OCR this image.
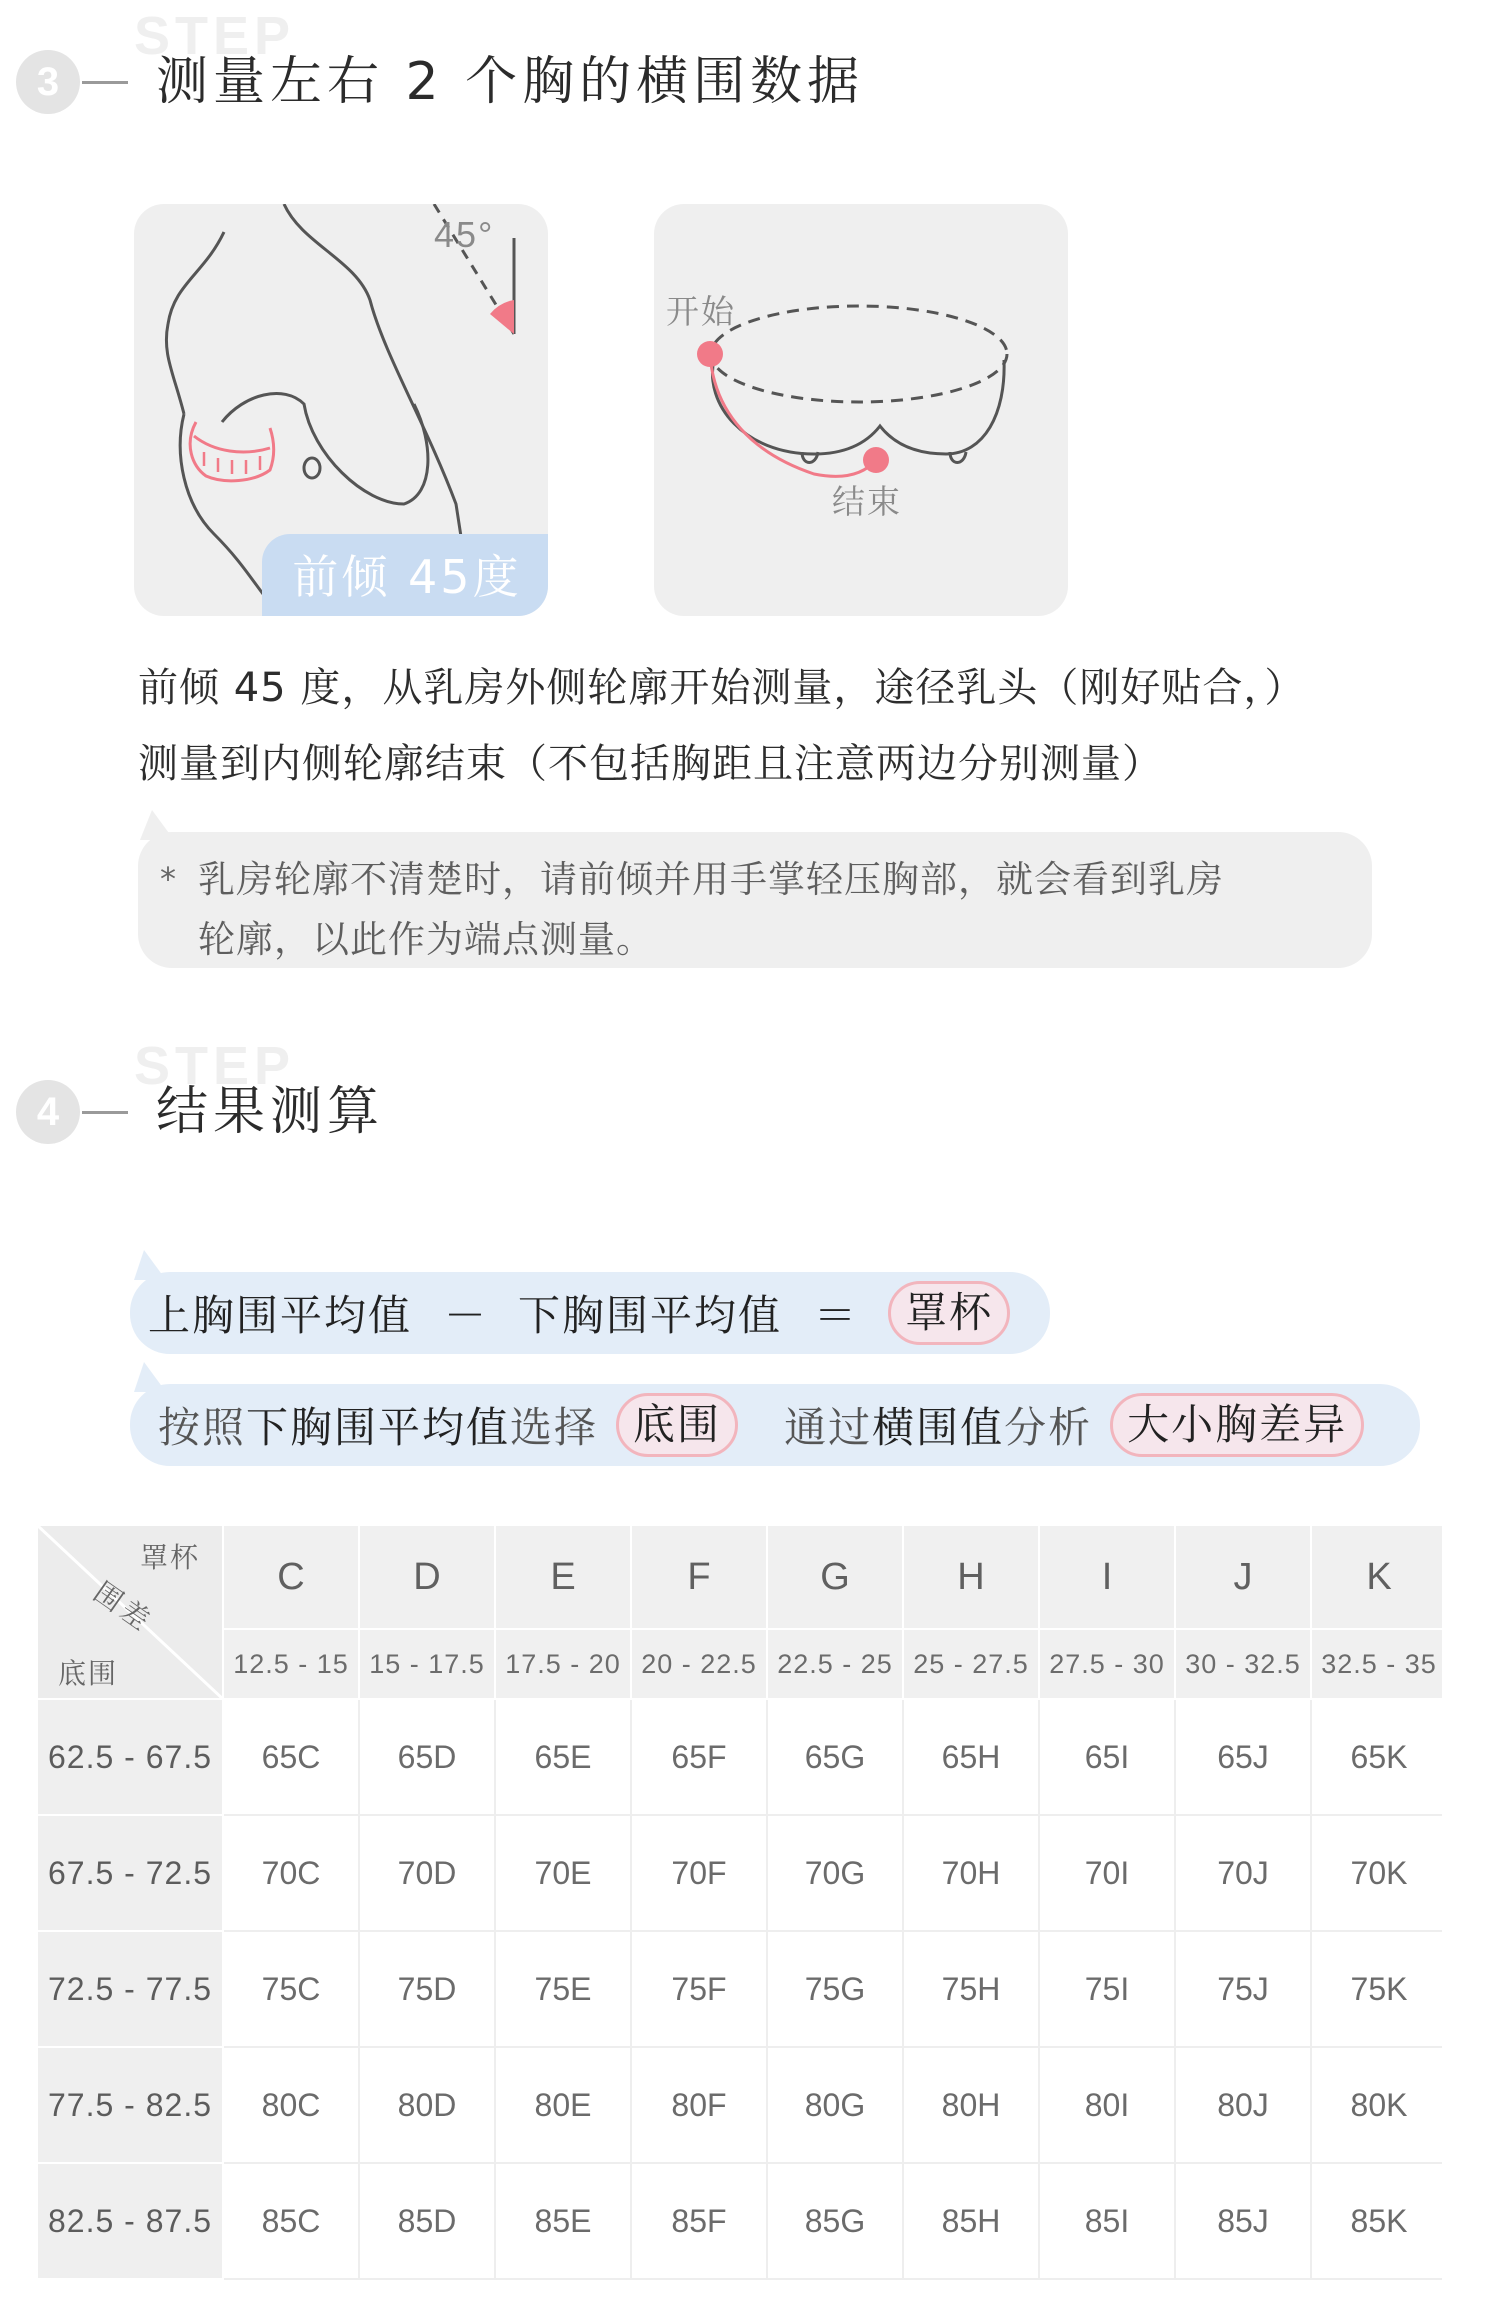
STEP
3	测量左右 2 个胸的横围数据
45°
前倾 45度
开始
结束
前倾 45 度，从乳房外侧轮廓开始测量，途径乳头（刚好贴合，）
测量到内侧轮廓结束（不包括胸距且注意两边分别测量）
* 乳房轮廓不清楚时，请前倾并用手掌轻压胸部，就会看到乳房
轮廓，以此作为端点测量。
STEP
4	结果测算
上胸围平均值 － 下胸围平均值 ＝	罩杯
按照 下胸围平均值 选择 底围	通过 横围值 分析 大小胸差异
罩杯
围差
底围	C	D	E	F	G	H	I	J	K
	12.5 - 15	15 - 17.5	17.5 - 20	20 - 22.5	22.5 - 25	25 - 27.5	27.5 - 30	30 - 32.5	32.5 - 35
62.5 - 67.5	65C	65D	65E	65F	65G	65H	65I	65J	65K
67.5 - 72.5	70C	70D	70E	70F	70G	70H	70I	70J	70K
72.5 - 77.5	75C	75D	75E	75F	75G	75H	75I	75J	75K
77.5 - 82.5	80C	80D	80E	80F	80G	80H	80I	80J	80K
82.5 - 87.5	85C	85D	85E	85F	85G	85H	85I	85J	85K
